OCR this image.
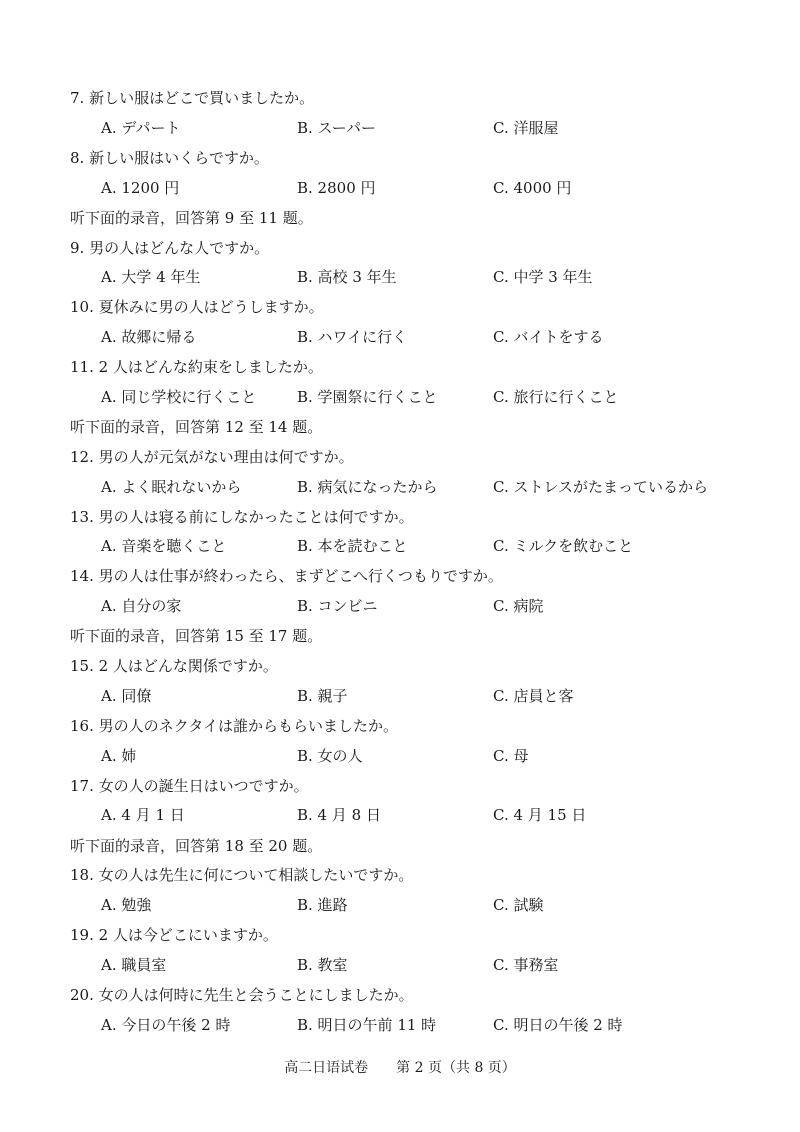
7. 新しい服はどこで買いましたか。
A. デパート	B. スーパー	C. 洋服屋
8. 新しい服はいくらですか。
A. 1200 円	B. 2800 円	C. 4000 円
听下面的录音，回答第 9 至 11 题。
9. 男の人はどんな人ですか。
A. 大学 4 年生	B. 高校 3 年生	C. 中学 3 年生
10. 夏休みに男の人はどうしますか。
A. 故郷に帰る	B. ハワイに行く	C. バイトをする
11. 2 人はどんな約束をしましたか。
A. 同じ学校に行くこと	B. 学園祭に行くこと	C. 旅行に行くこと
听下面的录音，回答第 12 至 14 题。
12. 男の人が元気がない理由は何ですか。
A. よく眠れないから	B. 病気になったから	C. ストレスがたまっているから
13. 男の人は寝る前にしなかったことは何ですか。
A. 音楽を聴くこと	B. 本を読むこと	C. ミルクを飲むこと
14. 男の人は仕事が終わったら、まずどこへ行くつもりですか。
A. 自分の家	B. コンビニ	C. 病院
听下面的录音，回答第 15 至 17 题。
15. 2 人はどんな関係ですか。
A. 同僚	B. 親子	C. 店員と客
16. 男の人のネクタイは誰からもらいましたか。
A. 姉	B. 女の人	C. 母
17. 女の人の誕生日はいつですか。
A. 4 月 1 日	B. 4 月 8 日	C. 4 月 15 日
听下面的录音，回答第 18 至 20 题。
18. 女の人は先生に何について相談したいですか。
A. 勉強	B. 進路	C. 試験
19. 2 人は今どこにいますか。
A. 職員室	B. 教室	C. 事務室
20. 女の人は何時に先生と会うことにしましたか。
A. 今日の午後 2 時	B. 明日の午前 11 時	C. 明日の午後 2 時
高二日语试卷　　第 2 页（共 8 页）
